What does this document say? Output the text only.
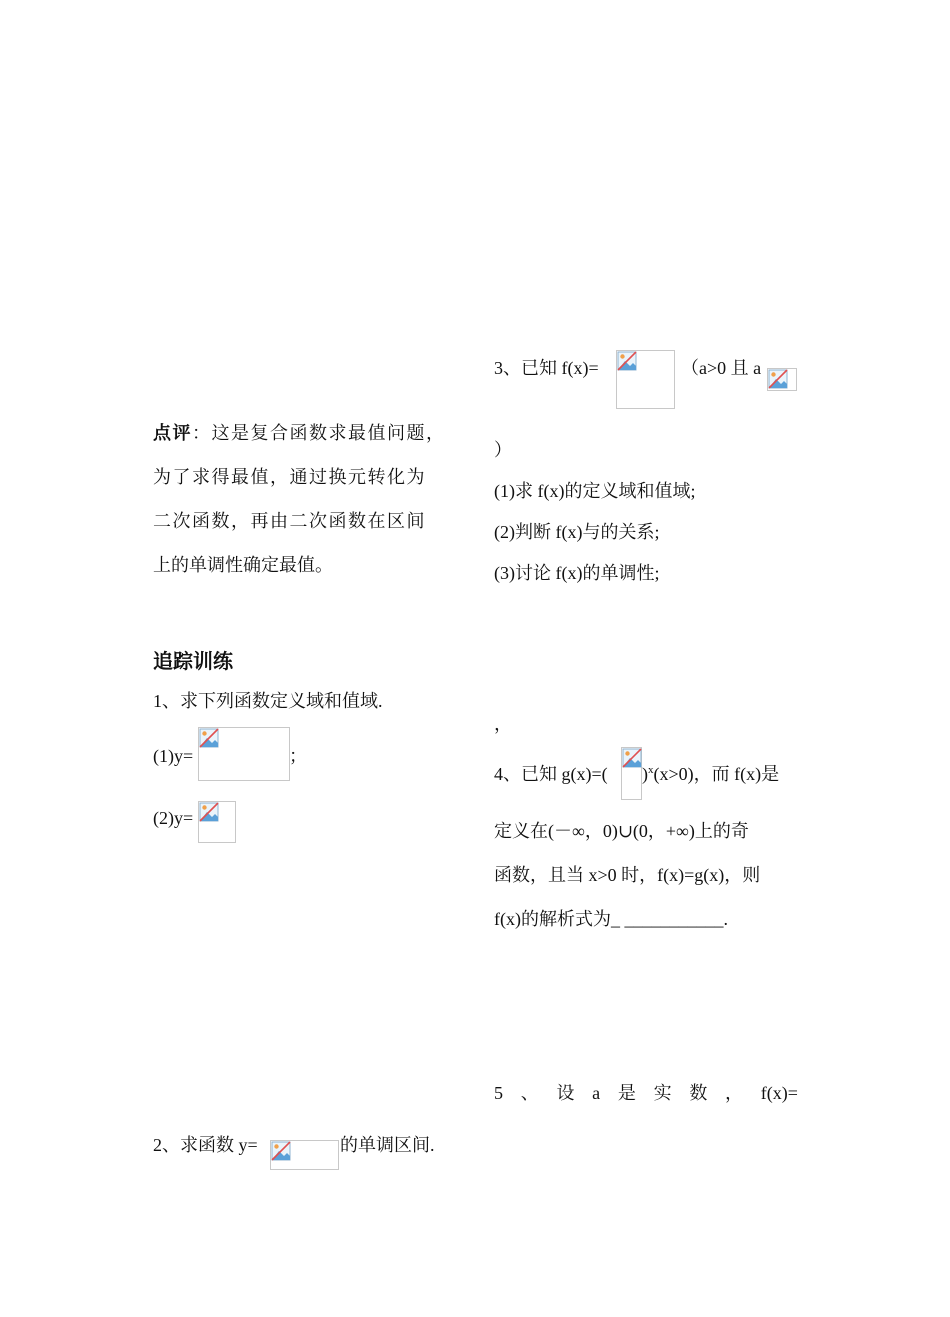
3、已知 f(x)=	（a>0 且 a
）
(1)求 f(x)的定义域和值域;
(2)判断 f(x)与的关系;
(3)讨论 f(x)的单调性;
点评：这是复合函数求最值问题，
为了求得最值，通过换元转化为
二次函数，再由二次函数在区间
上的单调性确定最值。
追踪训练
1、求下列函数定义域和值域.
(1)y=	；
(2)y=
，
4、已知 g(x)=( )$^x$(x>0)，而 f(x)是
定义在(－∞，0)∪(0，+∞)上的奇
函数，且当 x>0 时，f(x)=g(x)，则
f(x)的解析式为_ ___________.
5 、 设 a 是 实 数 ， f(x)=
2、求函数 y=	的单调区间.
